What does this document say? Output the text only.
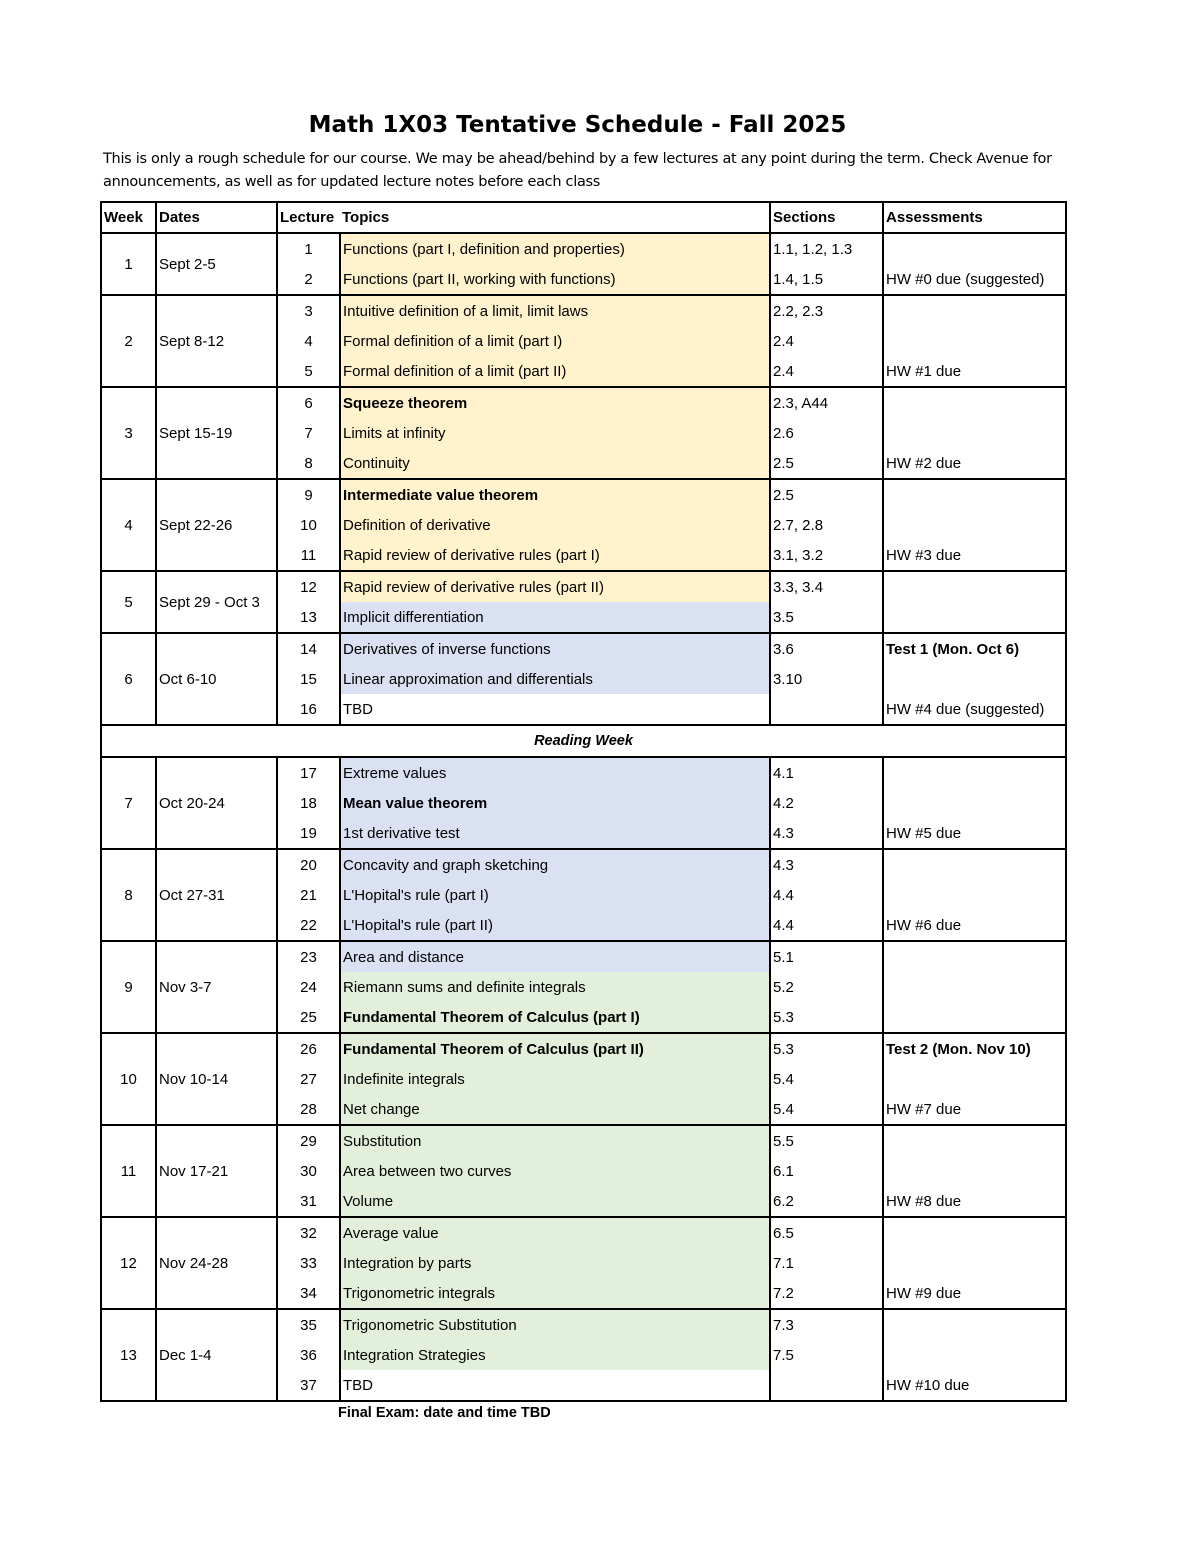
Math 1X03 Tentative Schedule - Fall 2025
This is only a rough schedule for our course. We may be ahead/behind by a few lectures at any point during the term. Check Avenue for announcements, as well as for updated lecture notes before each class
Week	Dates	Lecture	Topics	Sections	Assessments
1	Sept 2-5	1	Functions (part I, definition and properties)	1.1, 1.2, 1.3	
		2	Functions (part II, working with functions)	1.4, 1.5	HW #0 due (suggested)
2	Sept 8-12	3	Intuitive definition of a limit, limit laws	2.2, 2.3	
		4	Formal definition of a limit (part I)	2.4	
		5	Formal definition of a limit (part II)	2.4	HW #1 due
3	Sept 15-19	6	Squeeze theorem	2.3, A44	
		7	Limits at infinity	2.6	
		8	Continuity	2.5	HW #2 due
4	Sept 22-26	9	Intermediate value theorem	2.5	
		10	Definition of derivative	2.7, 2.8	
		11	Rapid review of derivative rules (part I)	3.1, 3.2	HW #3 due
5	Sept 29 - Oct 3	12	Rapid review of derivative rules (part II)	3.3, 3.4	
		13	Implicit differentiation	3.5	
6	Oct 6-10	14	Derivatives of inverse functions	3.6	Test 1 (Mon. Oct 6)
		15	Linear approximation and differentials	3.10	
		16	TBD		HW #4 due (suggested)
Reading Week					
7	Oct 20-24	17	Extreme values	4.1	
		18	Mean value theorem	4.2	
		19	1st derivative test	4.3	HW #5 due
8	Oct 27-31	20	Concavity and graph sketching	4.3	
		21	L'Hopital's rule (part I)	4.4	
		22	L'Hopital's rule (part II)	4.4	HW #6 due
9	Nov 3-7	23	Area and distance	5.1	
		24	Riemann sums and definite integrals	5.2	
		25	Fundamental Theorem of Calculus (part I)	5.3	
10	Nov 10-14	26	Fundamental Theorem of Calculus (part II)	5.3	Test 2 (Mon. Nov 10)
		27	Indefinite integrals	5.4	
		28	Net change	5.4	HW #7 due
11	Nov 17-21	29	Substitution	5.5	
		30	Area between two curves	6.1	
		31	Volume	6.2	HW #8 due
12	Nov 24-28	32	Average value	6.5	
		33	Integration by parts	7.1	
		34	Trigonometric integrals	7.2	HW #9 due
13	Dec 1-4	35	Trigonometric Substitution	7.3	
		36	Integration Strategies	7.5	
		37	TBD		HW #10 due
Final Exam: date and time TBD
